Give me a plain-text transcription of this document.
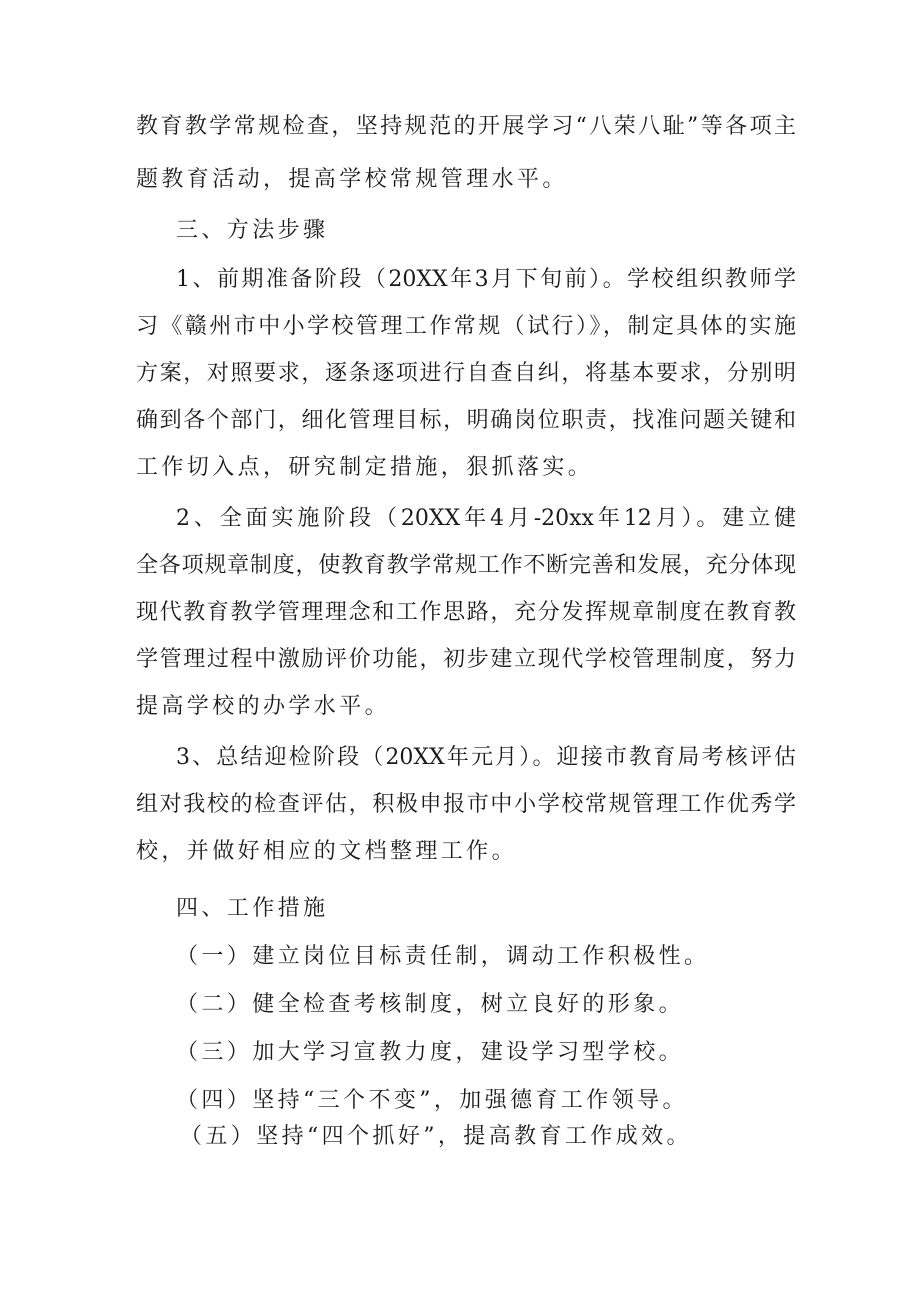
教育教学常规检查，坚持规范的开展学习“八荣八耻”等各项主
题教育活动，提高学校常规管理水平。
三、方法步骤
1、前期准备阶段（20XX年3月下旬前）。学校组织教师学
习《赣州市中小学校管理工作常规（试行）》，制定具体的实施
方案，对照要求，逐条逐项进行自查自纠，将基本要求，分别明
确到各个部门，细化管理目标，明确岗位职责，找准问题关键和
工作切入点，研究制定措施，狠抓落实。
2、全面实施阶段（20XX年4月-20xx年12月）。建立健
全各项规章制度，使教育教学常规工作不断完善和发展，充分体现
现代教育教学管理理念和工作思路，充分发挥规章制度在教育教
学管理过程中激励评价功能，初步建立现代学校管理制度，努力
提高学校的办学水平。
3、总结迎检阶段（20XX年元月）。迎接市教育局考核评估
组对我校的检查评估，积极申报市中小学校常规管理工作优秀学
校，并做好相应的文档整理工作。
四、工作措施
（一）建立岗位目标责任制，调动工作积极性。
（二）健全检查考核制度，树立良好的形象。
（三）加大学习宣教力度，建设学习型学校。
（四）坚持“三个不变”，加强德育工作领导。
（五）坚持“四个抓好”，提高教育工作成效。
